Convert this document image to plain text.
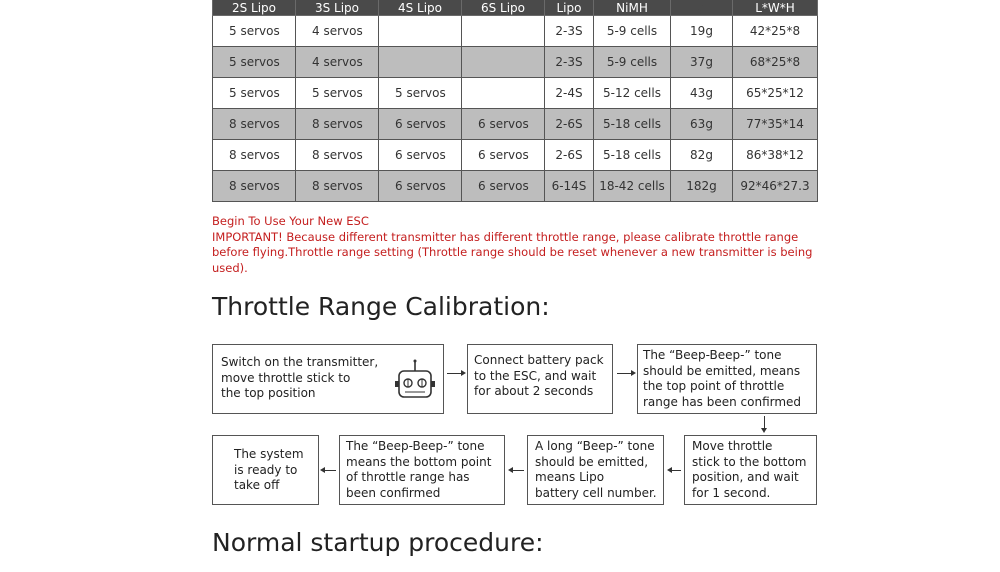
2S Lipo	3S Lipo	4S Lipo	6S Lipo	Lipo	NiMH	g	L*W*H
5 servos	4 servos			2-3S	5-9 cells	19g	42*25*8
5 servos	4 servos			2-3S	5-9 cells	37g	68*25*8
5 servos	5 servos	5 servos		2-4S	5-12 cells	43g	65*25*12
8 servos	8 servos	6 servos	6 servos	2-6S	5-18 cells	63g	77*35*14
8 servos	8 servos	6 servos	6 servos	2-6S	5-18 cells	82g	86*38*12
8 servos	8 servos	6 servos	6 servos	6-14S	18-42 cells	182g	92*46*27.3
Begin To Use Your New ESC
IMPORTANT! Because different transmitter has different throttle range, please calibrate throttle range before flying.Throttle range setting (Throttle range should be reset whenever a new transmitter is being used).
Throttle Range Calibration:
Switch on the transmitter,
move throttle stick to
the top position
Connect battery pack
to the ESC, and wait
for about 2 seconds
The “Beep-Beep-” tone
should be emitted, means
the top point of throttle
range has been confirmed
Move throttle
stick to the bottom
position, and wait
for 1 second.
A long “Beep-” tone
should be emitted,
means Lipo
battery cell number.
The “Beep-Beep-” tone
means the bottom point
of throttle range has
been confirmed
The system
is ready to
take off
Normal startup procedure:
